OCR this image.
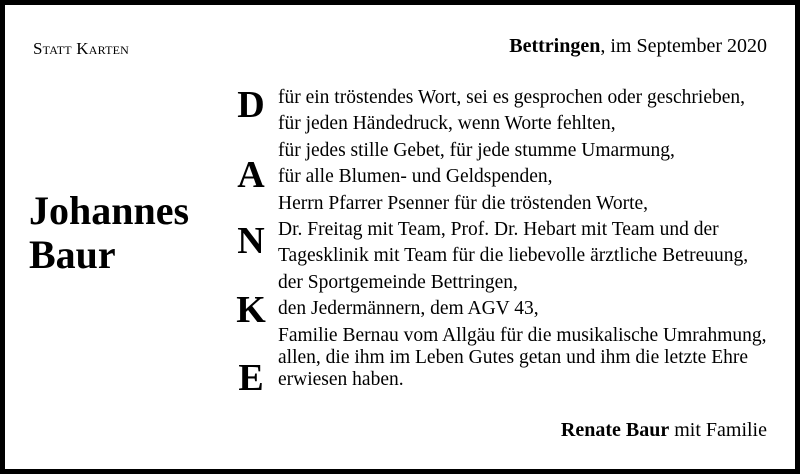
Statt Karten	Bettringen, im September 2020
Johannes
Baur
D
A
N
K
E
für ein tröstendes Wort, sei es gesprochen oder geschrieben,
für jeden Händedruck, wenn Worte fehlten,
für jedes stille Gebet, für jede stumme Umarmung,
für alle Blumen- und Geldspenden,
Herrn Pfarrer Psenner für die tröstenden Worte,
Dr. Freitag mit Team, Prof. Dr. Hebart mit Team und der
Tagesklinik mit Team für die liebevolle ärztliche Betreuung,
der Sportgemeinde Bettringen,
den Jedermännern, dem AGV 43,
Familie Bernau vom Allgäu für die musikalische Umrahmung,
allen, die ihm im Leben Gutes getan und ihm die letzte Ehre
erwiesen haben.
Renate Baur mit Familie
